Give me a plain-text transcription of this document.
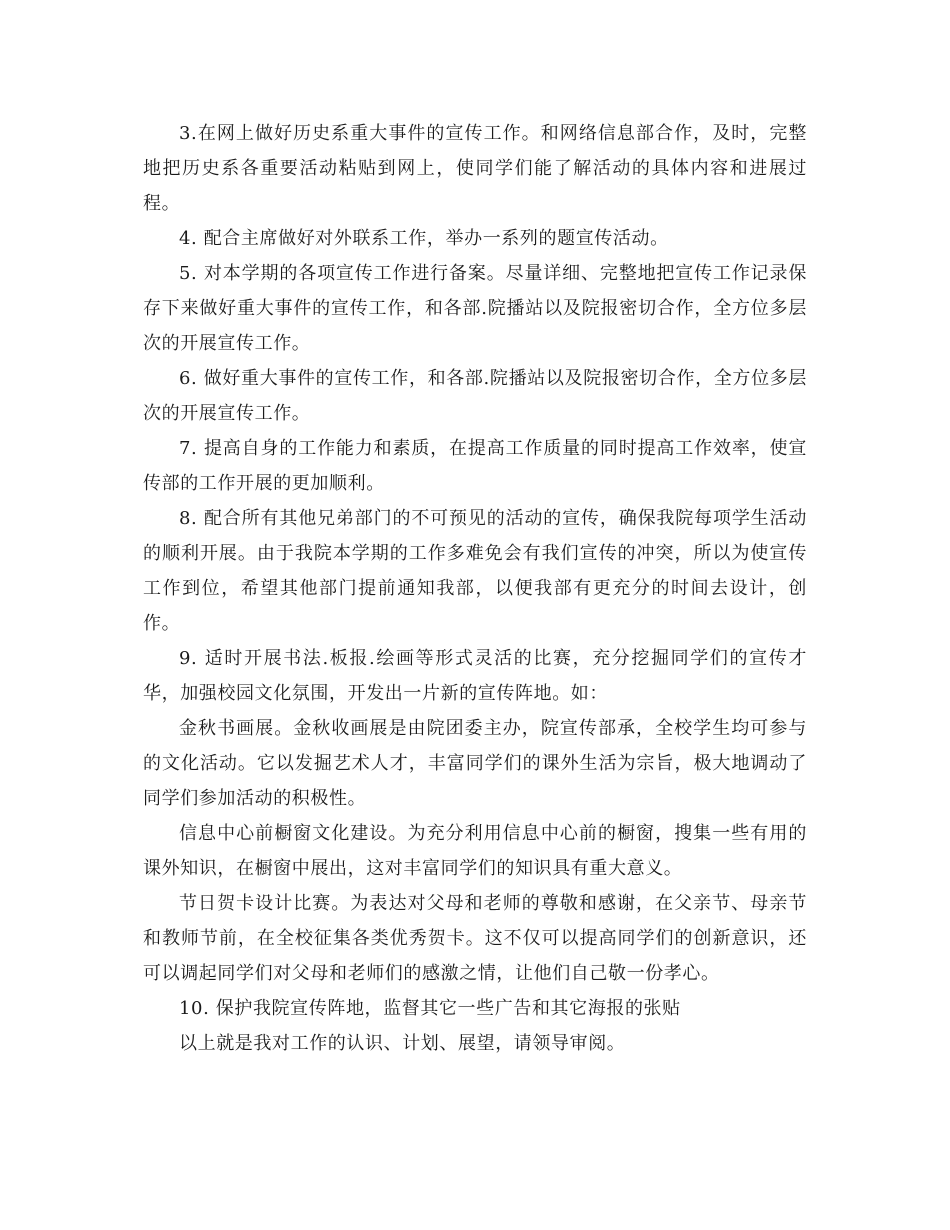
3.在网上做好历史系重大事件的宣传工作。和网络信息部合作，及时，完整地把历史系各重要活动粘贴到网上，使同学们能了解活动的具体内容和进展过程。

4. 配合主席做好对外联系工作，举办一系列的题宣传活动。

5. 对本学期的各项宣传工作进行备案。尽量详细、完整地把宣传工作记录保存下来做好重大事件的宣传工作，和各部.院播站以及院报密切合作，全方位多层次的开展宣传工作。

6. 做好重大事件的宣传工作，和各部.院播站以及院报密切合作，全方位多层次的开展宣传工作。

7. 提高自身的工作能力和素质，在提高工作质量的同时提高工作效率，使宣传部的工作开展的更加顺利。

8. 配合所有其他兄弟部门的不可预见的活动的宣传，确保我院每项学生活动的顺利开展。由于我院本学期的工作多难免会有我们宣传的冲突，所以为使宣传工作到位，希望其他部门提前通知我部，以便我部有更充分的时间去设计，创作。

9. 适时开展书法.板报.绘画等形式灵活的比赛，充分挖掘同学们的宣传才华，加强校园文化氛围，开发出一片新的宣传阵地。如：

金秋书画展。金秋收画展是由院团委主办，院宣传部承，全校学生均可参与的文化活动。它以发掘艺术人才，丰富同学们的课外生活为宗旨，极大地调动了同学们参加活动的积极性。

信息中心前橱窗文化建设。为充分利用信息中心前的橱窗，搜集一些有用的课外知识，在橱窗中展出，这对丰富同学们的知识具有重大意义。

节日贺卡设计比赛。为表达对父母和老师的尊敬和感谢，在父亲节、母亲节和教师节前，在全校征集各类优秀贺卡。这不仅可以提高同学们的创新意识，还可以调起同学们对父母和老师们的感激之情，让他们自己敬一份孝心。

10. 保护我院宣传阵地，监督其它一些广告和其它海报的张贴

以上就是我对工作的认识、计划、展望，请领导审阅。
